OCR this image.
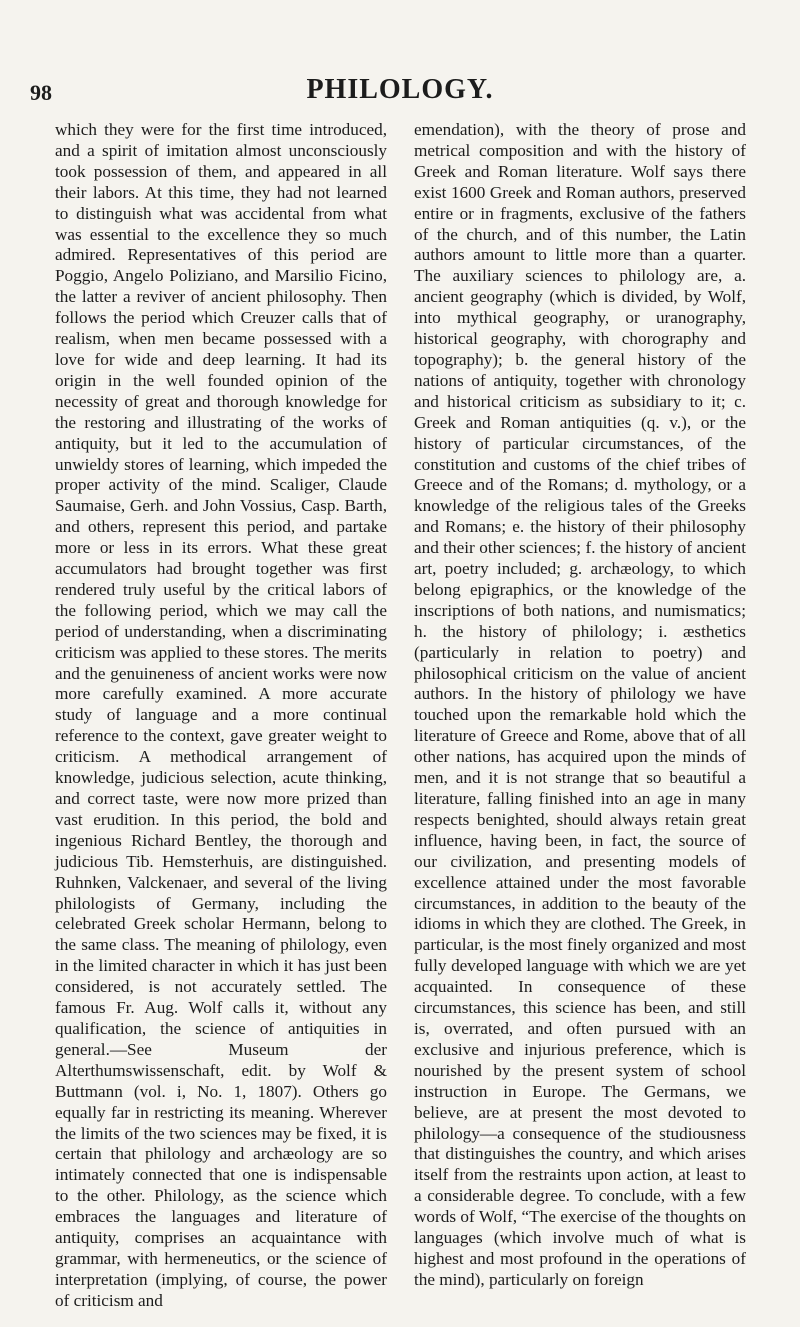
98	PHILOLOGY.

which they were for the first time introduced, and a spirit of imitation almost unconsciously took possession of them, and appeared in all their labors. At this time, they had not learned to distinguish what was accidental from what was essential to the excellence they so much admired. Representatives of this period are Poggio, Angelo Poliziano, and Marsilio Ficino, the latter a reviver of ancient philosophy. Then follows the period which Creuzer calls that of realism, when men became possessed with a love for wide and deep learning. It had its origin in the well founded opinion of the necessity of great and thorough knowledge for the restoring and illustrating of the works of antiquity, but it led to the accumulation of unwieldy stores of learning, which impeded the proper activity of the mind. Scaliger, Claude Saumaise, Gerh. and John Vossius, Casp. Barth, and others, represent this period, and partake more or less in its errors. What these great accumulators had brought together was first rendered truly useful by the critical labors of the following period, which we may call the period of understanding, when a discriminating criticism was applied to these stores. The merits and the genuineness of ancient works were now more carefully examined. A more accurate study of language and a more continual reference to the context, gave greater weight to criticism. A methodical arrangement of knowledge, judicious selection, acute thinking, and correct taste, were now more prized than vast erudition. In this period, the bold and ingenious Richard Bentley, the thorough and judicious Tib. Hemsterhuis, are distinguished. Ruhnken, Valckenaer, and several of the living philologists of Germany, including the celebrated Greek scholar Hermann, belong to the same class. The meaning of philology, even in the limited character in which it has just been considered, is not accurately settled. The famous Fr. Aug. Wolf calls it, without any qualification, the science of antiquities in general.—See Museum der Alterthumswissenschaft, edit. by Wolf & Buttmann (vol. i, No. 1, 1807). Others go equally far in restricting its meaning. Wherever the limits of the two sciences may be fixed, it is certain that philology and archæology are so intimately connected that one is indispensable to the other. Philology, as the science which embraces the languages and literature of antiquity, comprises an acquaintance with grammar, with hermeneutics, or the science of interpretation (implying, of course, the power of criticism and

emendation), with the theory of prose and metrical composition and with the history of Greek and Roman literature. Wolf says there exist 1600 Greek and Roman authors, preserved entire or in fragments, exclusive of the fathers of the church, and of this number, the Latin authors amount to little more than a quarter. The auxiliary sciences to philology are, a. ancient geography (which is divided, by Wolf, into mythical geography, or uranography, historical geography, with chorography and topography); b. the general history of the nations of antiquity, together with chronology and historical criticism as subsidiary to it; c. Greek and Roman antiquities (q. v.), or the history of particular circumstances, of the constitution and customs of the chief tribes of Greece and of the Romans; d. mythology, or a knowledge of the religious tales of the Greeks and Romans; e. the history of their philosophy and their other sciences; f. the history of ancient art, poetry included; g. archæology, to which belong epigraphics, or the knowledge of the inscriptions of both nations, and numismatics; h. the history of philology; i. æsthetics (particularly in relation to poetry) and philosophical criticism on the value of ancient authors. In the history of philology we have touched upon the remarkable hold which the literature of Greece and Rome, above that of all other nations, has acquired upon the minds of men, and it is not strange that so beautiful a literature, falling finished into an age in many respects benighted, should always retain great influence, having been, in fact, the source of our civilization, and presenting models of excellence attained under the most favorable circumstances, in addition to the beauty of the idioms in which they are clothed. The Greek, in particular, is the most finely organized and most fully developed language with which we are yet acquainted. In consequence of these circumstances, this science has been, and still is, overrated, and often pursued with an exclusive and injurious preference, which is nourished by the present system of school instruction in Europe. The Germans, we believe, are at present the most devoted to philology—a consequence of the studiousness that distinguishes the country, and which arises itself from the restraints upon action, at least to a considerable degree. To conclude, with a few words of Wolf, “The exercise of the thoughts on languages (which involve much of what is highest and most profound in the operations of the mind), particularly on foreign
